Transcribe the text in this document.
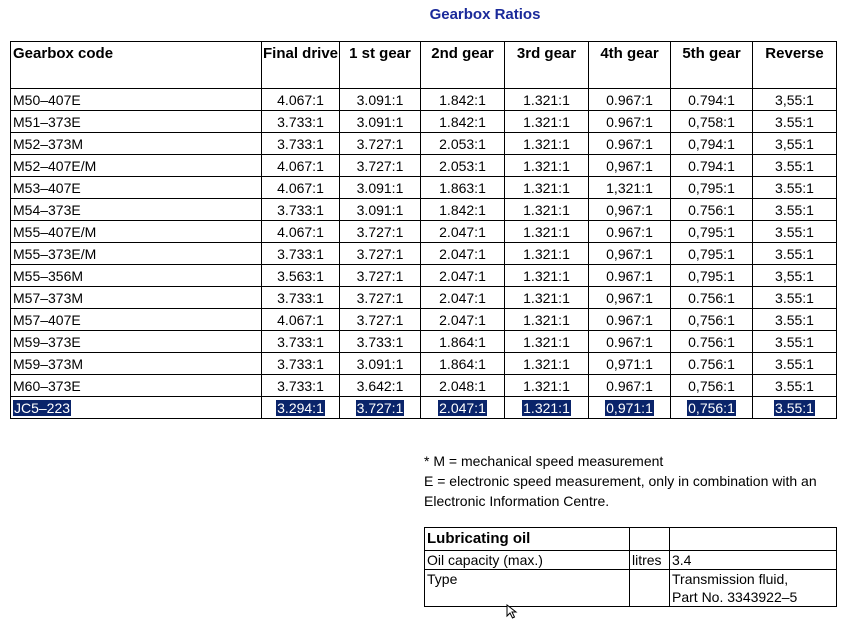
Gearbox Ratios
Gearbox code	Final drive	1 st gear	2nd gear	3rd gear	4th gear	5th gear	Reverse
M50–407E	4.067:1	3.091:1	1.842:1	1.321:1	0.967:1	0.794:1	3,55:1
M51–373E	3.733:1	3.091:1	1.842:1	1.321:1	0.967:1	0,758:1	3.55:1
M52–373M	3.733:1	3.727:1	2.053:1	1.321:1	0.967:1	0,794:1	3,55:1
M52–407E/M	4.067:1	3.727:1	2.053:1	1.321:1	0,967:1	0.794:1	3.55:1
M53–407E	4.067:1	3.091:1	1.863:1	1.321:1	1,321:1	0,795:1	3.55:1
M54–373E	3.733:1	3.091:1	1.842:1	1.321:1	0,967:1	0.756:1	3.55:1
M55–407E/M	4.067:1	3.727:1	2.047:1	1.321:1	0.967:1	0,795:1	3.55:1
M55–373E/M	3.733:1	3.727:1	2.047:1	1.321:1	0,967:1	0,795:1	3.55:1
M55–356M	3.563:1	3.727:1	2.047:1	1.321:1	0.967:1	0,795:1	3,55:1
M57–373M	3.733:1	3.727:1	2.047:1	1.321:1	0,967:1	0.756:1	3.55:1
M57–407E	4.067:1	3.727:1	2.047:1	1.321:1	0.967:1	0,756:1	3.55:1
M59–373E	3.733:1	3.733:1	1.864:1	1.321:1	0.967:1	0.756:1	3.55:1
M59–373M	3.733:1	3.091:1	1.864:1	1.321:1	0,971:1	0.756:1	3.55:1
M60–373E	3.733:1	3.642:1	2.048:1	1.321:1	0.967:1	0,756:1	3.55:1
JC5–223	3.294:1	3.727:1	2.047:1	1.321:1	0,971:1	0,756:1	3.55:1

* M = mechanical speed measurement

E = electronic speed measurement, only in combination with an Electronic Information Centre.

Lubricating oil		
Oil capacity (max.)	litres	3.4
Type		Transmission fluid,
Part No. 3343922–5
